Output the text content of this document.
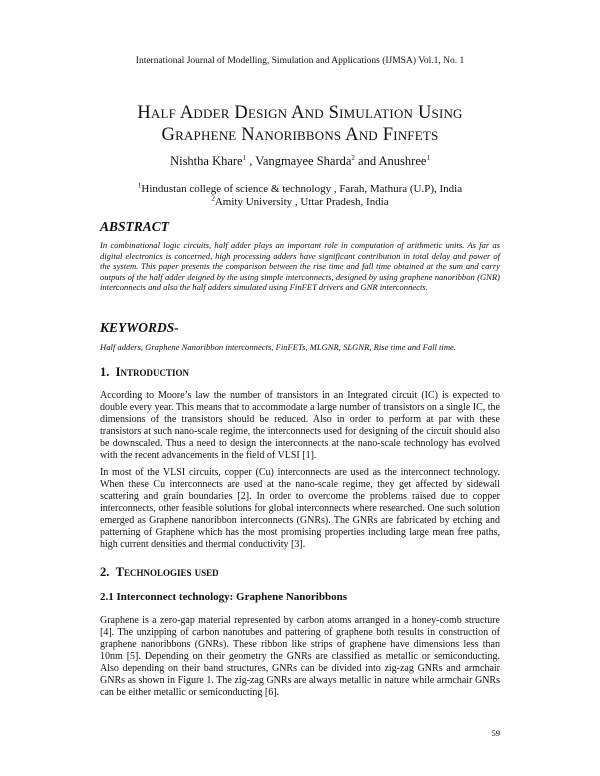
International Journal of Modelling, Simulation and Applications (IJMSA) Vol.1, No. 1
Half Adder Design And Simulation Using
Graphene Nanoribbons And Finfets
Nishtha Khare$^1$ , Vangmayee Sharda$^2$ and Anushree$^1$
$^1$Hindustan college of science & technology , Farah, Mathura (U.P), India
$^2$Amity University , Uttar Pradesh, India
ABSTRACT
In combinational logic circuits, half adder plays an important role in computation of arithmetic units. As far as digital electronics is concerned, high processing adders have significant contribution in total delay and power of the system. This paper presents the comparison between the rise time and fall time obtained at the sum and carry outputs of the half adder deigned by the using simple interconnects, designed by using graphene nanoribbon (GNR) interconnects and also the half adders simulated using FinFET drivers and GNR interconnects.
KEYWORDS-
Half adders, Graphene Nanoribbon interconnects, FinFETs, MLGNR, SLGNR, Rise time and Fall time.
1. Introduction
According to Moore’s law the number of transistors in an Integrated circuit (IC) is expected to double every year. This means that to accommodate a large number of transistors on a single IC, the dimensions of the transistors should be reduced. Also in order to perform at par with these transistors at such nano-scale regime, the interconnects used for designing of the circuit should also be downscaled. Thus a need to design the interconnects at the nano-scale technology has evolved with the recent advancements in the field of VLSI [1].
In most of the VLSI circuits, copper (Cu) interconnects are used as the interconnect technology. When these Cu interconnects are used at the nano-scale regime, they get affected by sidewall scattering and grain boundaries [2]. In order to overcome the problems raised due to copper interconnects, other feasible solutions for global interconnects where researched. One such solution emerged as Graphene nanoribbon interconnects (GNRs). The GNRs are fabricated by etching and patterning of Graphene which has the most promising properties including large mean free paths, high current densities and thermal conductivity [3].
2. Technologies used
2.1 Interconnect technology: Graphene Nanoribbons
Graphene is a zero-gap material represented by carbon atoms arranged in a honey-comb structure [4]. The unzipping of carbon nanotubes and pattering of graphene both results in construction of graphene nanoribbons (GNRs). These ribbon like strips of graphene have dimensions less than 10nm [5]. Depending on their geometry the GNRs are classified as metallic or semiconducting. Also depending on their band structures, GNRs can be divided into zig-zag GNRs and armchair GNRs as shown in Figure 1. The zig-zag GNRs are always metallic in nature while armchair GNRs can be either metallic or semiconducting [6].
59
